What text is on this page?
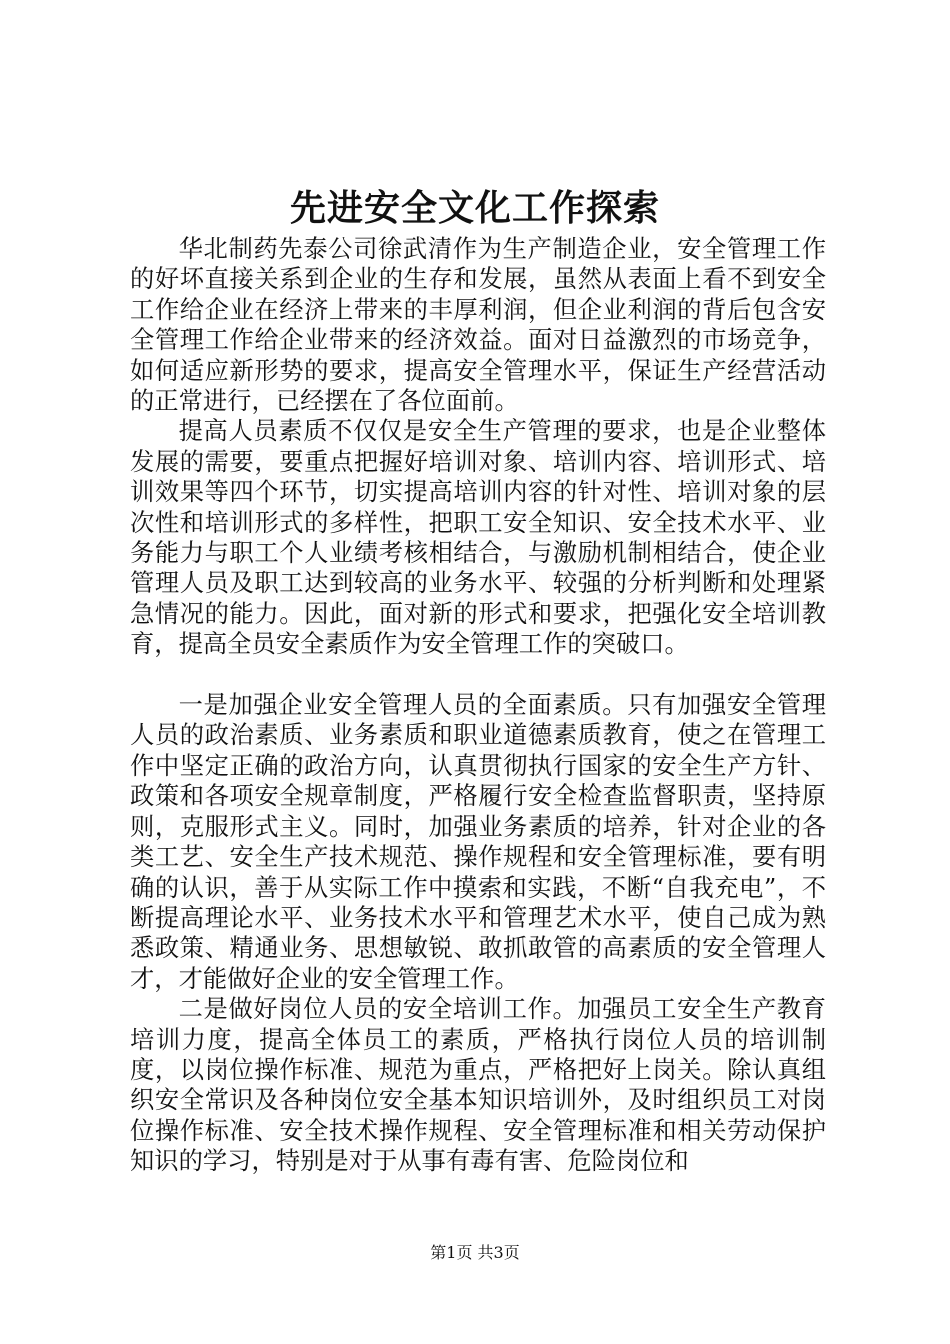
先进安全文化工作探索

华北制药先泰公司徐武清作为生产制造企业，安全管理工作的好坏直接关系到企业的生存和发展，虽然从表面上看不到安全工作给企业在经济上带来的丰厚利润，但企业利润的背后包含安全管理工作给企业带来的经济效益。面对日益激烈的市场竞争，如何适应新形势的要求，提高安全管理水平，保证生产经营活动的正常进行，已经摆在了各位面前。

提高人员素质不仅仅是安全生产管理的要求，也是企业整体发展的需要，要重点把握好培训对象、培训内容、培训形式、培训效果等四个环节，切实提高培训内容的针对性、培训对象的层次性和培训形式的多样性，把职工安全知识、安全技术水平、业务能力与职工个人业绩考核相结合，与激励机制相结合，使企业管理人员及职工达到较高的业务水平、较强的分析判断和处理紧急情况的能力。因此，面对新的形式和要求，把强化安全培训教育，提高全员安全素质作为安全管理工作的突破口。

一是加强企业安全管理人员的全面素质。只有加强安全管理人员的政治素质、业务素质和职业道德素质教育，使之在管理工作中坚定正确的政治方向，认真贯彻执行国家的安全生产方针、政策和各项安全规章制度，严格履行安全检查监督职责，坚持原则，克服形式主义。同时，加强业务素质的培养，针对企业的各类工艺、安全生产技术规范、操作规程和安全管理标准，要有明确的认识，善于从实际工作中摸索和实践，不断“自我充电”，不断提高理论水平、业务技术水平和管理艺术水平，使自己成为熟悉政策、精通业务、思想敏锐、敢抓敢管的高素质的安全管理人才，才能做好企业的安全管理工作。

二是做好岗位人员的安全培训工作。加强员工安全生产教育培训力度，提高全体员工的素质，严格执行岗位人员的培训制度，以岗位操作标准、规范为重点，严格把好上岗关。除认真组织安全常识及各种岗位安全基本知识培训外，及时组织员工对岗位操作标准、安全技术操作规程、安全管理标准和相关劳动保护知识的学习，特别是对于从事有毒有害、危险岗位和

第1页 共3页
